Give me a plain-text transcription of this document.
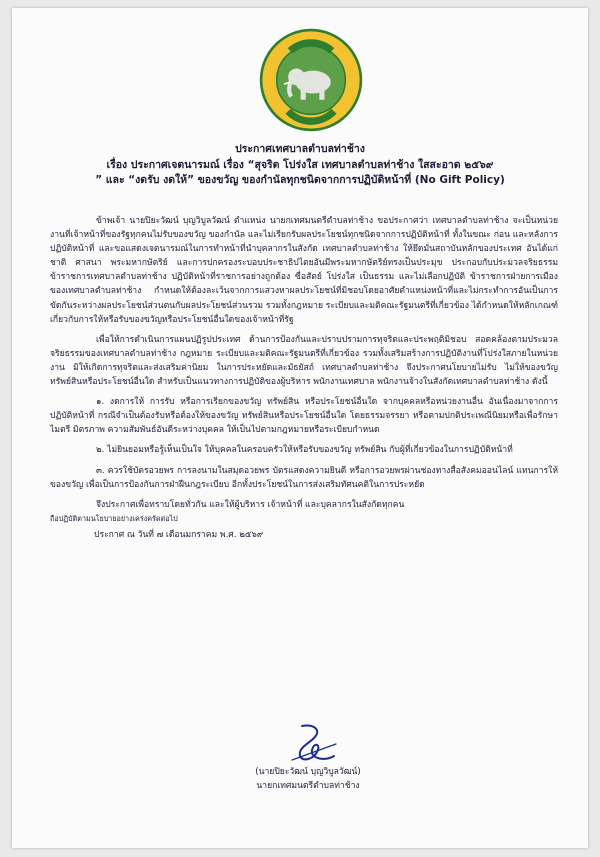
ประกาศเทศบาลตำบลท่าช้าง
เรื่อง ประกาศเจตนารมณ์ เรื่อง “สุจริต โปร่งใส เทศบาลตำบลท่าช้าง ใสสะอาด ๒๕๖๙
” และ “งดรับ งดให้” ของขวัญ ของกำนัลทุกชนิดจากการปฏิบัติหน้าที่ (No Gift Policy)

ข้าพเจ้า นายปิยะวัฒน์ บุญวิบูลวัฒน์ ตำแหน่ง นายกเทศมนตรีตำบลท่าช้าง ขอประกาศว่า เทศบาลตำบลท่าช้าง จะเป็นหน่วยงานที่เจ้าหน้าที่ของรัฐทุกคนไม่รับของขวัญ ของกำนัล และไม่เรียกรับผลประโยชน์ทุกชนิดจากการปฏิบัติหน้าที่ ทั้งในขณะ ก่อน และหลังการปฏิบัติหน้าที่ และขอแสดงเจตนารมณ์ในการทำหน้าที่นำบุคลากรในสังกัด เทศบาลตำบลท่าช้าง ให้ยึดมั่นสถาบันหลักของประเทศ อันได้แก่ ชาติ ศาสนา พระมหากษัตริย์ และการปกครองระบอบประชาธิปไตยอันมีพระมหากษัตริย์ทรงเป็นประมุข ประกอบกับประมวลจริยธรรมข้าราชการเทศบาลตำบลท่าช้าง ปฏิบัติหน้าที่ราชการอย่างถูกต้อง ซื่อสัตย์ โปร่งใส เป็นธรรม และไม่เลือกปฏิบัติ ข้าราชการฝ่ายการเมืองของเทศบาลตำบลท่าช้าง กำหนดให้ต้องละเว้นจากการแสวงหาผลประโยชน์ที่มิชอบโดยอาศัยตำแหน่งหน้าที่และไม่กระทำการอันเป็นการขัดกันระหว่างผลประโยชน์ส่วนตนกับผลประโยชน์ส่วนรวม รวมทั้งกฎหมาย ระเบียบและมติคณะรัฐมนตรีที่เกี่ยวข้อง ได้กำหนดให้หลักเกณฑ์เกี่ยวกับการให้หรือรับของขวัญหรือประโยชน์อื่นใดของเจ้าหน้าที่รัฐ

เพื่อให้การดำเนินการแผนปฏิรูปประเทศ ด้านการป้องกันและปราบปรามการทุจริตและประพฤติมิชอบ สอดคล้องตามประมวลจริยธรรมของเทศบาลตำบลท่าช้าง กฎหมาย ระเบียบและมติคณะรัฐมนตรีที่เกี่ยวข้อง รวมทั้งเสริมสร้างการปฏิบัติงานที่โปร่งใสภายในหน่วยงาน มิให้เกิดการทุจริตและส่งเสริมค่านิยม ในการประหยัดและมัธยัสถ์ เทศบาลตำบลท่าช้าง จึงประกาศนโยบายไม่รับ ไม่ให้ของขวัญ ทรัพย์สินหรือประโยชน์อื่นใด สำหรับเป็นแนวทางการปฏิบัติของผู้บริหาร พนักงานเทศบาล พนักงานจ้างในสังกัดเทศบาลตำบลท่าช้าง ดังนี้

๑. งดการให้ การรับ หรือการเรียกของขวัญ ทรัพย์สิน หรือประโยชน์อื่นใด จากบุคคลหรือหน่วยงานอื่น อันเนื่องมาจากการปฏิบัติหน้าที่ กรณีจำเป็นต้องรับหรือต้องให้ของขวัญ ทรัพย์สินหรือประโยชน์อื่นใด โดยธรรมจรรยา หรือตามปกติประเพณีนิยมหรือเพื่อรักษาไมตรี มิตรภาพ ความสัมพันธ์อันดีระหว่างบุคคล ให้เป็นไปตามกฎหมายหรือระเบียบกำหนด

๒. ไม่ยินยอมหรือรู้เห็นเป็นใจ ให้บุคคลในครอบครัวให้หรือรับของขวัญ ทรัพย์สิน กับผู้ที่เกี่ยวข้องในการปฏิบัติหน้าที่

๓. ควรใช้บัตรอวยพร การลงนามในสมุดอวยพร บัตรแสดงความยินดี หรือการอวยพรผ่านช่องทางสื่อสังคมออนไลน์ แทนการให้ของขวัญ เพื่อเป็นการป้องกันการฝ่าฝืนกฎระเบียบ อีกทั้งประโยชน์ในการส่งเสริมทัศนคติในการประหยัด

จึงประกาศเพื่อทราบโดยทั่วกัน และให้ผู้บริหาร เจ้าหน้าที่ และบุคลากรในสังกัดทุกคน

ถือปฏิบัติตามนโยบายอย่างเคร่งครัดต่อไป

ประกาศ ณ วันที่ ๗ เดือนมกราคม พ.ศ. ๒๕๖๙

(นายปิยะวัฒน์ บุญวิบูลวัฒน์)
นายกเทศมนตรีตำบลท่าช้าง
